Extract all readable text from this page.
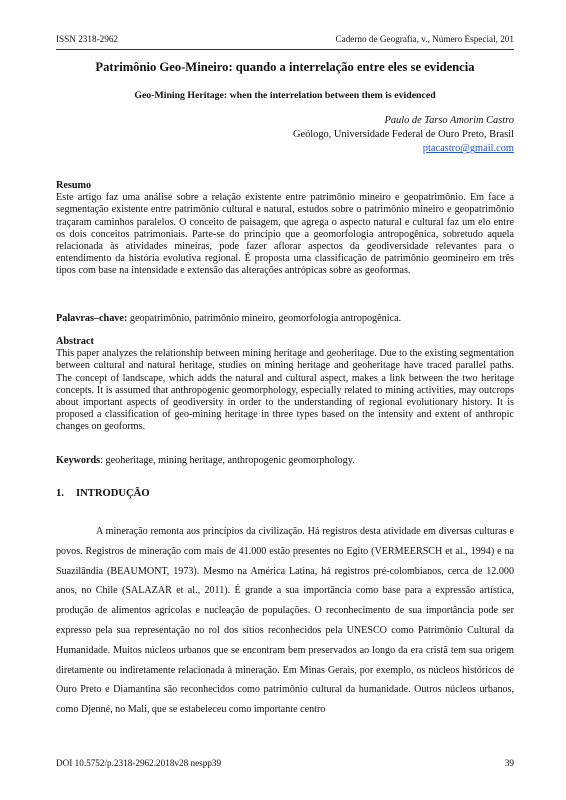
ISSN 2318-2962	Caderno de Geografia, v., Número Especial, 201
Patrimônio Geo-Mineiro: quando a interrelação entre eles se evidencia
Geo-Mining Heritage: when the interrelation between them is evidenced
Paulo de Tarso Amorim Castro
Geólogo, Universidade Federal de Ouro Preto, Brasil
ptacastro@gmail.com
Resumo

Este artigo faz uma análise sobre a relação existente entre patrimônio mineiro e geopatrimônio. Em face a segmentação existente entre patrimônio cultural e natural, estudos sobre o patrimônio mineiro e geopatrimônio traçaram caminhos paralelos. O conceito de paisagem, que agrega o aspecto natural e cultural faz um elo entre os dois conceitos patrimoniais. Parte-se do princípio que a geomorfologia antropogênica, sobretudo aquela relacionada às atividades mineiras, pode fazer aflorar aspectos da geodiversidade relevantes para o entendimento da história evolutiva regional. É proposta uma classificação de patrimônio geomineiro em três tipos com base na intensidade e extensão das alterações antrópicas sobre as geoformas.

Palavras–chave: geopatrimônio, patrimônio mineiro, geomorfologia antropogênica.
Abstract

This paper analyzes the relationship between mining heritage and geoheritage. Due to the existing segmentation between cultural and natural heritage, studies on mining heritage and geoheritage have traced parallel paths. The concept of landscape, which adds the natural and cultural aspect, makes a link between the two heritage concepts. It is assumed that anthropogenic geomorphology, especially related to mining activities, may outcrops about important aspects of geodiversity in order to the understanding of regional evolutionary history. It is proposed a classification of geo-mining heritage in three types based on the intensity and extent of anthropic changes on geoforms.

Keywords: geoheritage, mining heritage, anthropogenic geomorphology.
1. INTRODUÇÃO

A mineração remonta aos princípios da civilização. Há registros desta atividade em diversas culturas e povos. Registros de mineração com mais de 41.000 estão presentes no Egito (VERMEERSCH et al., 1994) e na Suazilândia (BEAUMONT, 1973). Mesmo na América Latina, há registros pré-colombianos, cerca de 12.000 anos, no Chile (SALAZAR et al., 2011). É grande a sua importância como base para a expressão artística, produção de alimentos agrícolas e nucleação de populações. O reconhecimento de sua importância pode ser expresso pela sua representação no rol dos sítios reconhecidos pela UNESCO como Patrimônio Cultural da Humanidade. Muitos núcleos urbanos que se encontram bem preservados ao longo da era cristã tem sua origem diretamente ou indiretamente relacionada à mineração. Em Minas Gerais, por exemplo, os núcleos históricos de Ouro Preto e Diamantina são reconhecidos como patrimônio cultural da humanidade. Outros núcleos urbanos, como Djenné, no Mali, que se estabeleceu como importante centro

DOI 10.5752/p.2318-2962.2018v28 nespp39	39
